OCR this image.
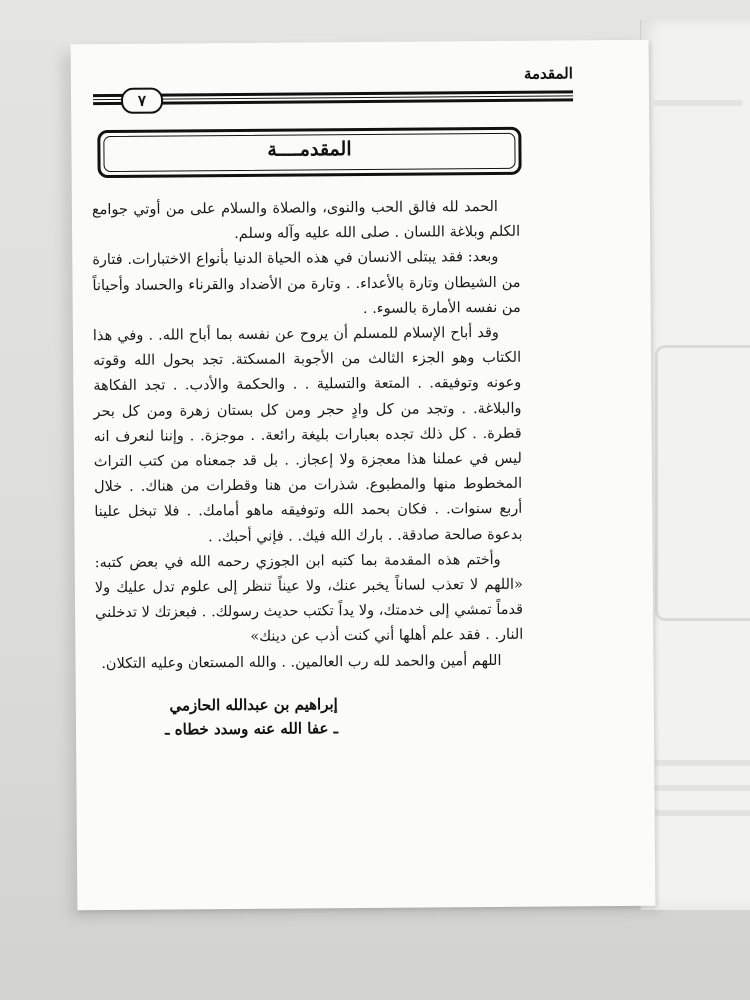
المقدمة
٧
المقدمــــة

الحمد لله فالق الحب والنوى، والصلاة والسلام على من أوتي جوامع الكلم وبلاغة اللسان . صلى الله عليه وآله وسلم.

وبعد: فقد يبتلى الانسان في هذه الحياة الدنيا بأنواع الاختبارات. فتارة من الشيطان وتارة بالأعداء. . وتارة من الأضداد والقرناء والحساد وأحياناً من نفسه الأمارة بالسوء. .

وقد أباح الإسلام للمسلم أن يروح عن نفسه بما أباح الله. . وفي هذا الكتاب وهو الجزء الثالث من الأجوبة المسكتة. تجد بحول الله وقوته وعونه وتوفيقه. . المتعة والتسلية . . والحكمة والأدب. . تجد الفكاهة والبلاغة. . وتجد من كل وادٍ حجر ومن كل بستان زهرة ومن كل بحر قطرة. . كل ذلك تجده بعبارات بليغة رائعة. . موجزة. . وإننا لنعرف انه ليس في عملنا هذا معجزة ولا إعجاز. . بل قد جمعناه من كتب التراث المخطوط منها والمطبوع. شذرات من هنا وقطرات من هناك. . خلال أربع سنوات. . فكان بحمد الله وتوفيقه ماهو أمامك. . فلا تبخل علينا بدعوة صالحة صادقة. . بارك الله فيك. . فإني أحبك. .

وأختم هذه المقدمة بما كتبه ابن الجوزي رحمه الله في بعض كتبه: «اللهم لا تعذب لساناً يخبر عنك، ولا عيناً تنظر إلى علوم تدل عليك ولا قدماً تمشي إلى خدمتك، ولا يداً تكتب حديث رسولك. . فبعزتك لا تدخلني النار. . فقد علم أهلها أني كنت أذب عن دينك»

اللهم أمين والحمد لله رب العالمين. . والله المستعان وعليه التكلان.

إبراهيم بن عبدالله الحازمي
ـ عفا الله عنه وسدد خطاه ـ
